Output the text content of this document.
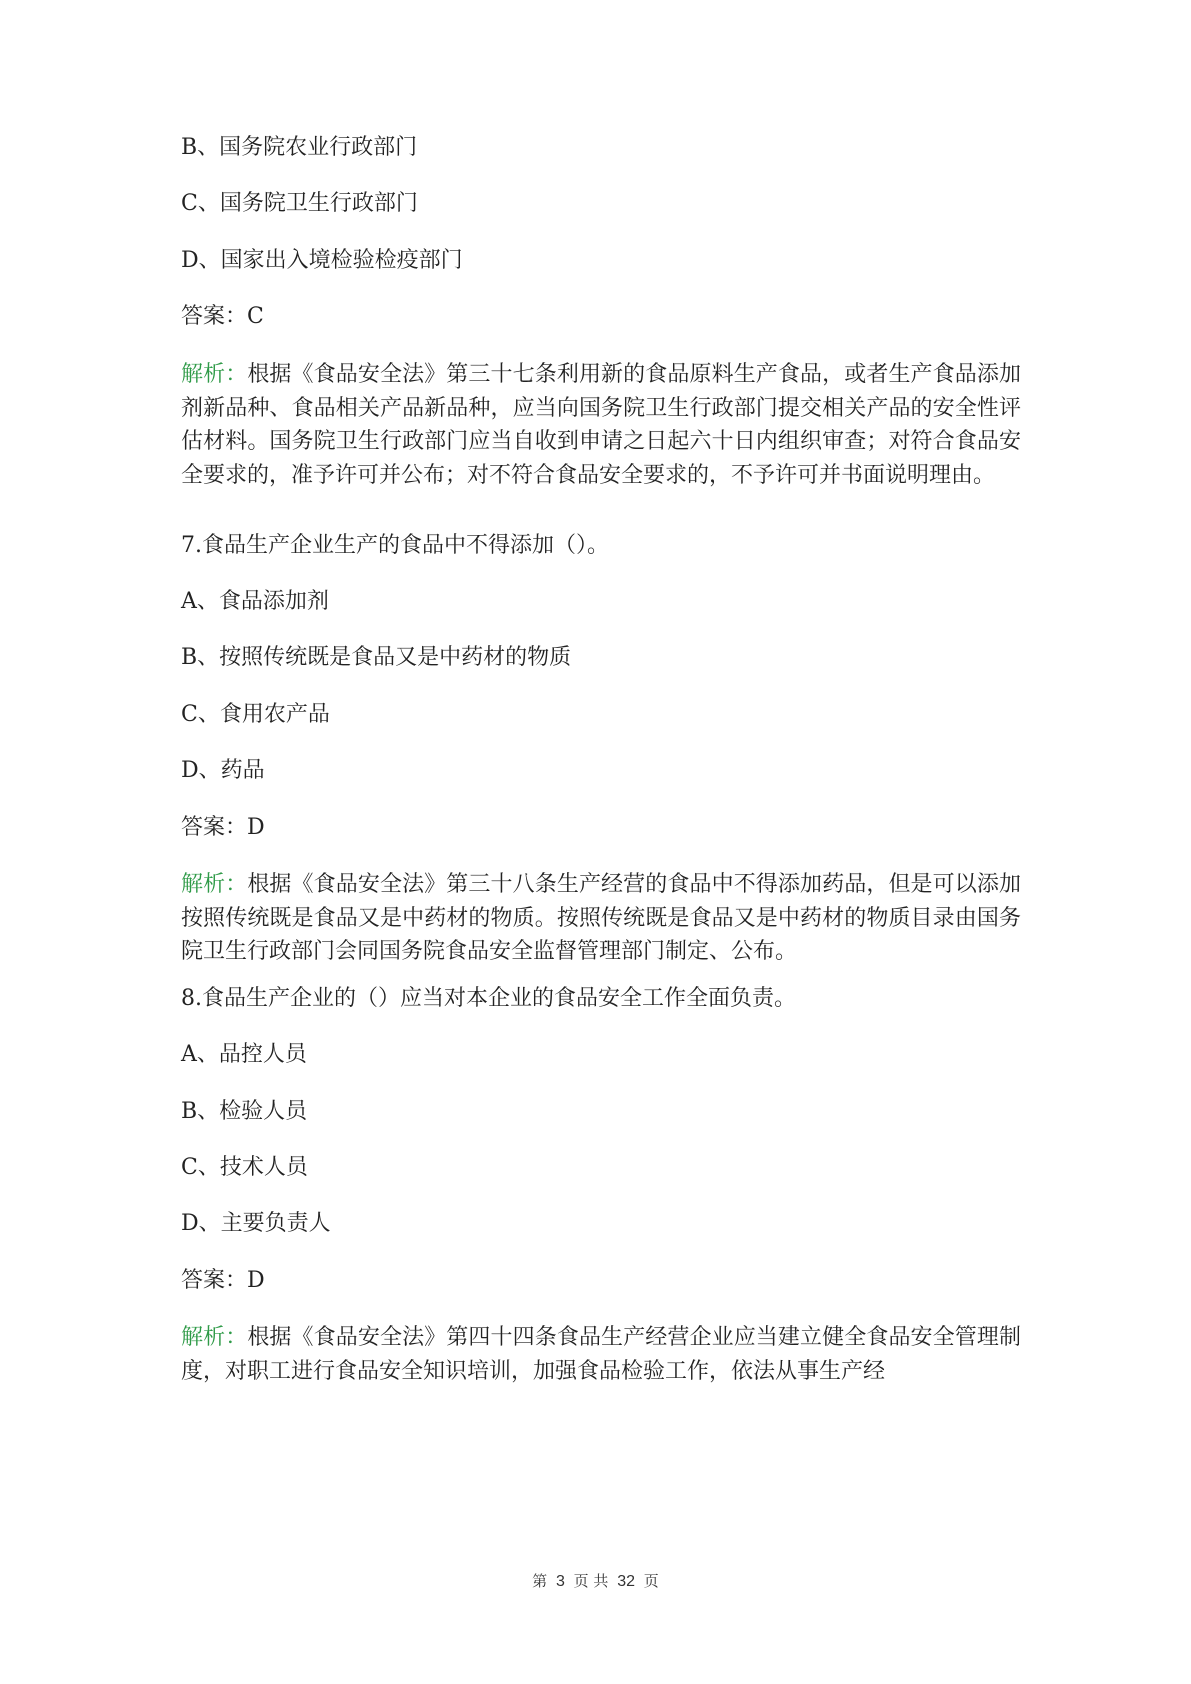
B、国务院农业行政部门
C、国务院卫生行政部门
D、国家出入境检验检疫部门
答案：C
解析：根据《食品安全法》第三十七条利用新的食品原料生产食品，或者生产食品添加剂新品种、食品相关产品新品种，应当向国务院卫生行政部门提交相关产品的安全性评估材料。国务院卫生行政部门应当自收到申请之日起六十日内组织审查；对符合食品安全要求的，准予许可并公布；对不符合食品安全要求的，不予许可并书面说明理由。
7.食品生产企业生产的食品中不得添加（）。
A、食品添加剂
B、按照传统既是食品又是中药材的物质
C、食用农产品
D、药品
答案：D
解析：根据《食品安全法》第三十八条生产经营的食品中不得添加药品，但是可以添加按照传统既是食品又是中药材的物质。按照传统既是食品又是中药材的物质目录由国务院卫生行政部门会同国务院食品安全监督管理部门制定、公布。
8.食品生产企业的（）应当对本企业的食品安全工作全面负责。
A、品控人员
B、检验人员
C、技术人员
D、主要负责人
答案：D
解析：根据《食品安全法》第四十四条食品生产经营企业应当建立健全食品安全管理制度，对职工进行食品安全知识培训，加强食品检验工作，依法从事生产经
第 3 页 共 32 页
